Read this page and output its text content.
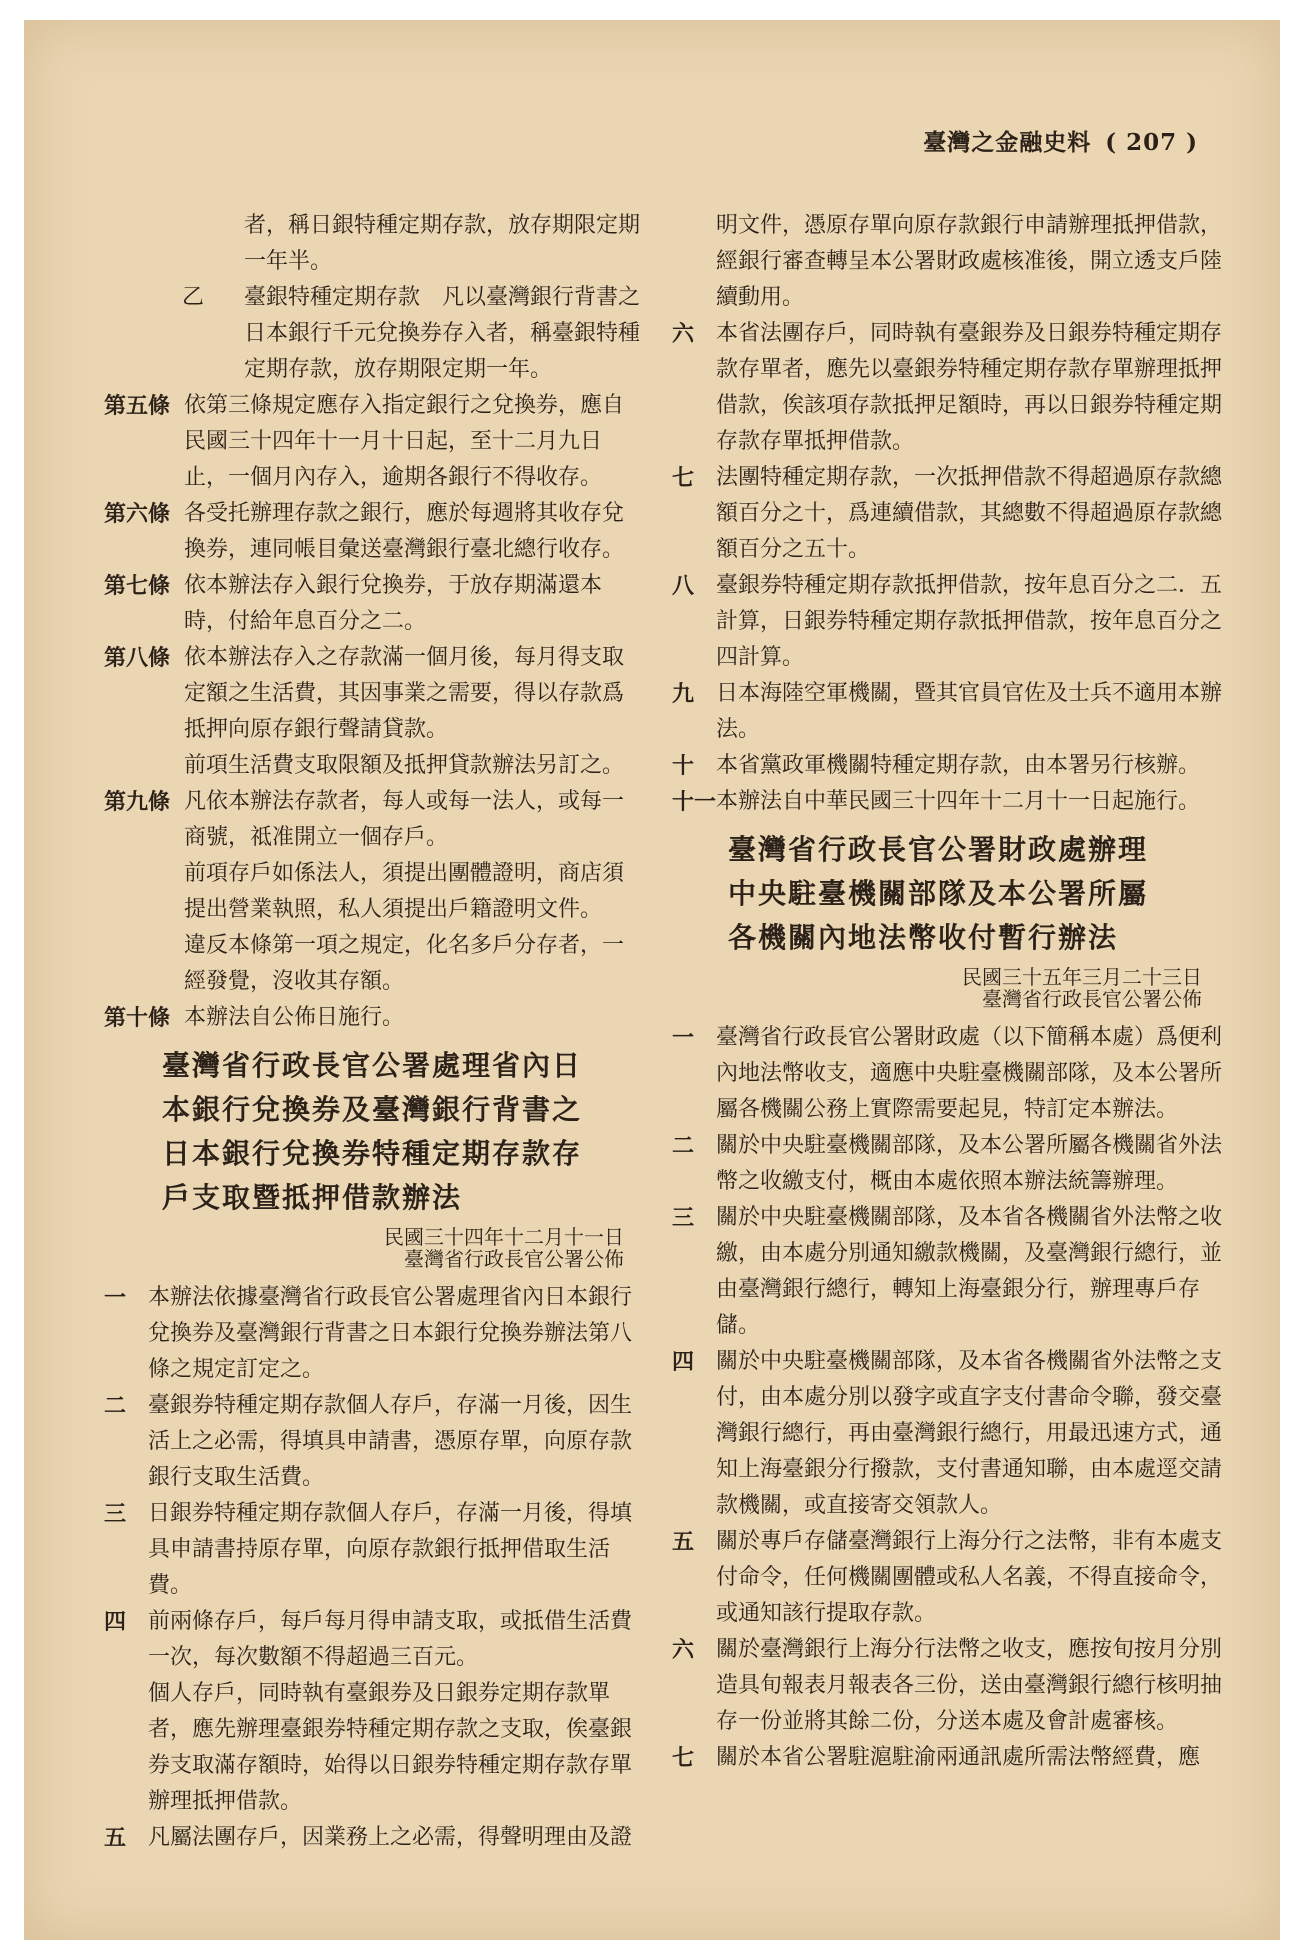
臺灣之金融史料 ( 207 )

者，稱日銀特種定期存款，放存期限定期一年半。

乙 臺銀特種定期存款　凡以臺灣銀行背書之日本銀行千元兌換券存入者，稱臺銀特種定期存款，放存期限定期一年。

第五條 依第三條規定應存入指定銀行之兌換券，應自民國三十四年十一月十日起，至十二月九日止，一個月內存入，逾期各銀行不得收存。

第六條 各受托辦理存款之銀行，應於每週將其收存兌換券，連同帳目彙送臺灣銀行臺北總行收存。

第七條 依本辦法存入銀行兌換券，于放存期滿還本時，付給年息百分之二。

第八條 依本辦法存入之存款滿一個月後，每月得支取定額之生活費，其因事業之需要，得以存款爲抵押向原存銀行聲請貸款。

前項生活費支取限額及抵押貸款辦法另訂之。

第九條 凡依本辦法存款者，每人或每一法人，或每一商號，祗准開立一個存戶。

前項存戶如係法人，須提出團體證明，商店須提出營業執照，私人須提出戶籍證明文件。

違反本條第一項之規定，化名多戶分存者，一經發覺，沒收其存額。

第十條 本辦法自公佈日施行。

臺灣省行政長官公署處理省內日
本銀行兌換券及臺灣銀行背書之
日本銀行兌換券特種定期存款存
戶支取暨抵押借款辦法
民國三十四年十二月十一日
臺灣省行政長官公署公佈

一 本辦法依據臺灣省行政長官公署處理省內日本銀行兌換券及臺灣銀行背書之日本銀行兌換券辦法第八條之規定訂定之。

二 臺銀券特種定期存款個人存戶，存滿一月後，因生活上之必需，得填具申請書，憑原存單，向原存款銀行支取生活費。

三 日銀券特種定期存款個人存戶，存滿一月後，得填具申請書持原存單，向原存款銀行抵押借取生活費。

四 前兩條存戶，每戶每月得申請支取，或抵借生活費一次，每次數額不得超過三百元。

個人存戶，同時執有臺銀券及日銀券定期存款單者，應先辦理臺銀券特種定期存款之支取，俟臺銀券支取滿存額時，始得以日銀券特種定期存款存單辦理抵押借款。

五 凡屬法團存戶，因業務上之必需，得聲明理由及證

明文件，憑原存單向原存款銀行申請辦理抵押借款，經銀行審查轉呈本公署財政處核准後，開立透支戶陸續動用。

六 本省法團存戶，同時執有臺銀券及日銀券特種定期存款存單者，應先以臺銀券特種定期存款存單辦理抵押借款，俟該項存款抵押足額時，再以日銀券特種定期存款存單抵押借款。

七 法團特種定期存款，一次抵押借款不得超過原存款總額百分之十，爲連續借款，其總數不得超過原存款總額百分之五十。

八 臺銀券特種定期存款抵押借款，按年息百分之二．五計算，日銀券特種定期存款抵押借款，按年息百分之四計算。

九 日本海陸空軍機關，暨其官員官佐及士兵不適用本辦法。

十 本省黨政軍機關特種定期存款，由本署另行核辦。

十一 本辦法自中華民國三十四年十二月十一日起施行。

臺灣省行政長官公署財政處辦理
中央駐臺機關部隊及本公署所屬
各機關內地法幣收付暫行辦法
民國三十五年三月二十三日
臺灣省行政長官公署公佈

一 臺灣省行政長官公署財政處（以下簡稱本處）爲便利內地法幣收支，適應中央駐臺機關部隊，及本公署所屬各機關公務上實際需要起見，特訂定本辦法。

二 關於中央駐臺機關部隊，及本公署所屬各機關省外法幣之收繳支付，概由本處依照本辦法統籌辦理。

三 關於中央駐臺機關部隊，及本省各機關省外法幣之收繳，由本處分別通知繳款機關，及臺灣銀行總行，並由臺灣銀行總行，轉知上海臺銀分行，辦理專戶存儲。

四 關於中央駐臺機關部隊，及本省各機關省外法幣之支付，由本處分別以發字或直字支付書命令聯，發交臺灣銀行總行，再由臺灣銀行總行，用最迅速方式，通知上海臺銀分行撥款，支付書通知聯，由本處逕交請款機關，或直接寄交領款人。

五 關於專戶存儲臺灣銀行上海分行之法幣，非有本處支付命令，任何機關團體或私人名義，不得直接命令，或通知該行提取存款。

六 關於臺灣銀行上海分行法幣之收支，應按旬按月分別造具旬報表月報表各三份，送由臺灣銀行總行核明抽存一份並將其餘二份，分送本處及會計處審核。

七 關於本省公署駐滬駐渝兩通訊處所需法幣經費，應
